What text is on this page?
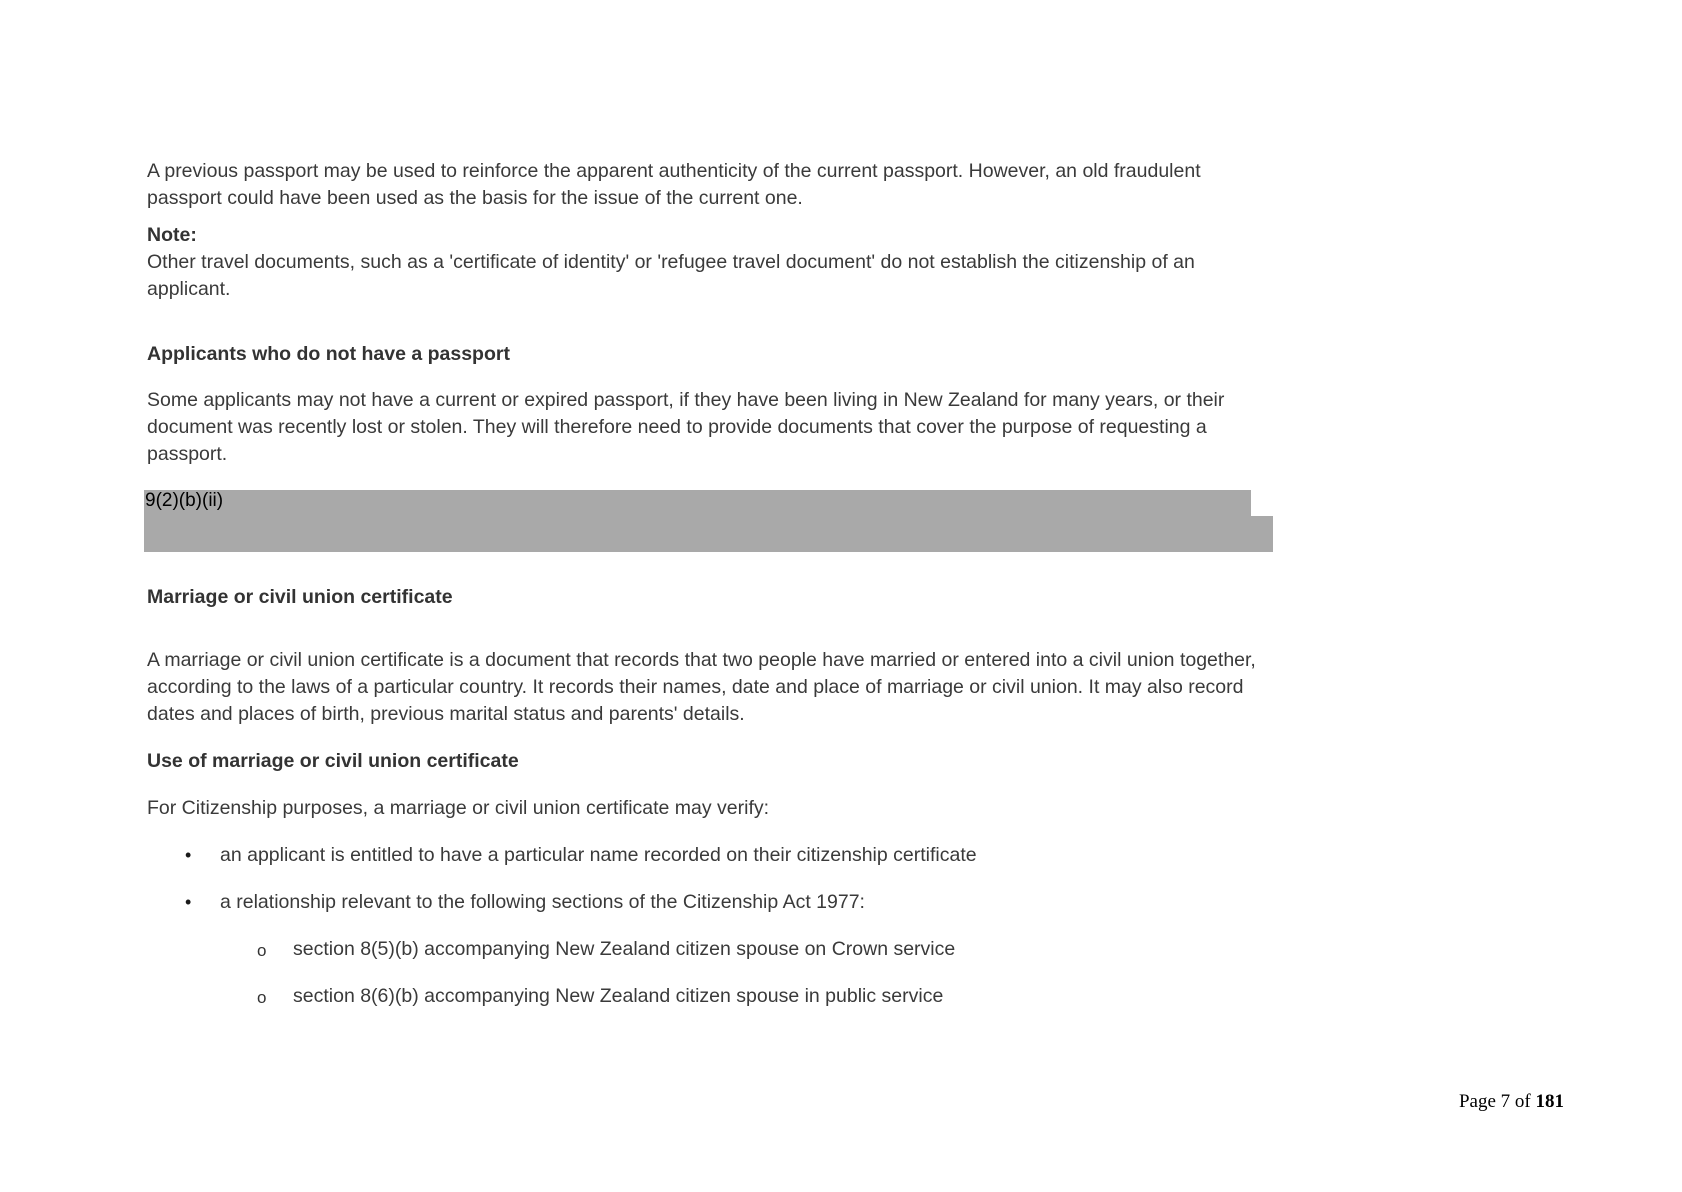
A previous passport may be used to reinforce the apparent authenticity of the current passport. However, an old fraudulent passport could have been used as the basis for the issue of the current one.

Note:

Other travel documents, such as a 'certificate of identity' or 'refugee travel document' do not establish the citizenship of an applicant.

Applicants who do not have a passport

Some applicants may not have a current or expired passport, if they have been living in New Zealand for many years, or their document was recently lost or stolen. They will therefore need to provide documents that cover the purpose of requesting a passport.

9(2)(b)(ii)
Marriage or civil union certificate

A marriage or civil union certificate is a document that records that two people have married or entered into a civil union together, according to the laws of a particular country. It records their names, date and place of marriage or civil union. It may also record dates and places of birth, previous marital status and parents' details.

Use of marriage or civil union certificate

For Citizenship purposes, a marriage or civil union certificate may verify:

• an applicant is entitled to have a particular name recorded on their citizenship certificate
• a relationship relevant to the following sections of the Citizenship Act 1977:
o section 8(5)(b) accompanying New Zealand citizen spouse on Crown service
o section 8(6)(b) accompanying New Zealand citizen spouse in public service
Page 7 of 181
